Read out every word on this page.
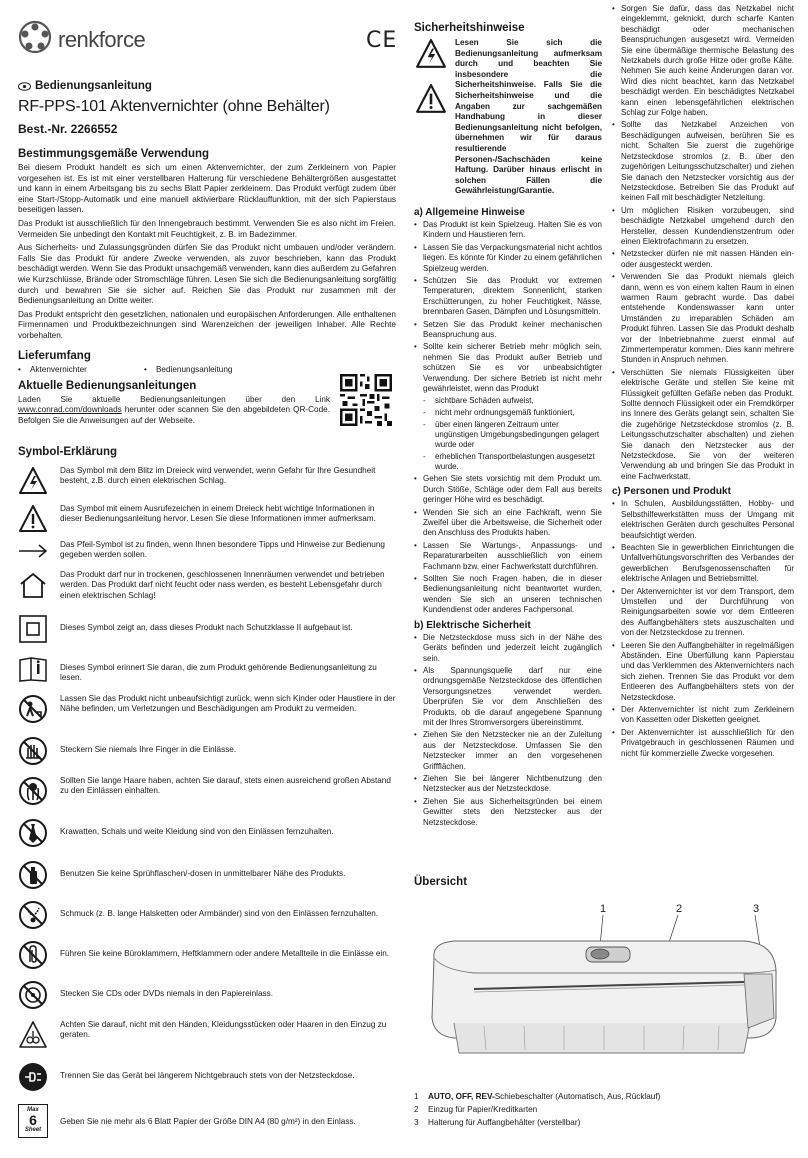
renkforce	CE
Bedienungsanleitung
RF-PPS-101 Aktenvernichter (ohne Behälter)
Best.-Nr. 2266552
Bestimmungsgemäße Verwendung

Bei diesem Produkt handelt es sich um einen Aktenvernichter, der zum Zerkleinern von Papier vorgesehen ist. Es ist mit einer verstellbaren Halterung für verschiedene Behältergrößen ausgestattet und kann in einem Arbeitsgang bis zu sechs Blatt Papier zerkleinern. Das Produkt verfügt zudem über eine Start-/Stopp-Automatik und eine manuell aktivierbare Rücklauffunktion, mit der sich Papierstaus beseitigen lassen.

Das Produkt ist ausschließlich für den Innengebrauch bestimmt. Verwenden Sie es also nicht im Freien. Vermeiden Sie unbedingt den Kontakt mit Feuchtigkeit, z. B. im Badezimmer.

Aus Sicherheits- und Zulassungsgründen dürfen Sie das Produkt nicht umbauen und/oder verändern. Falls Sie das Produkt für andere Zwecke verwenden, als zuvor beschrieben, kann das Produkt beschädigt werden. Wenn Sie das Produkt unsachgemäß verwenden, kann dies außerdem zu Gefahren wie Kurzschlüsse, Brände oder Stromschläge führen. Lesen Sie sich die Bedienungsanleitung sorgfältig durch und bewahren Sie sie sicher auf. Reichen Sie das Produkt nur zusammen mit der Bedienungsanleitung an Dritte weiter.

Das Produkt entspricht den gesetzlichen, nationalen und europäischen Anforderungen. Alle enthaltenen Firmennamen und Produktbezeichnungen sind Warenzeichen der jeweiligen Inhaber. Alle Rechte vorbehalten.

Lieferumfang
•    Aktenvernichter	•    Bedienungsanleitung
Aktuelle Bedienungsanleitungen

Laden Sie aktuelle Bedienungsanleitungen über den Link www.conrad.com/downloads herunter oder scannen Sie den abgebildeten QR-Code. Befolgen Sie die Anweisungen auf der Webseite.

Symbol-Erklärung
Das Symbol mit dem Blitz im Dreieck wird verwendet, wenn Gefahr für Ihre Gesundheit besteht, z.B. durch einen elektrischen Schlag.
Das Symbol mit einem Ausrufezeichen in einem Dreieck hebt wichtige Informationen in dieser Bedienungsanleitung hervor. Lesen Sie diese Informationen immer aufmerksam.
Das Pfeil-Symbol ist zu finden, wenn Ihnen besondere Tipps und Hinweise zur Bedienung gegeben werden sollen.
Das Produkt darf nur in trockenen, geschlossenen Innenräumen verwendet und betrieben werden. Das Produkt darf nicht feucht oder nass werden, es besteht Lebensgefahr durch einen elektrischen Schlag!
Dieses Symbol zeigt an, dass dieses Produkt nach Schutzklasse II aufgebaut ist.
Dieses Symbol erinnert Sie daran, die zum Produkt gehörende Bedienungsanleitung zu lesen.
Lassen Sie das Produkt nicht unbeaufsichtigt zurück, wenn sich Kinder oder Haustiere in der Nähe befinden, um Verletzungen und Beschädigungen am Produkt zu vermeiden.
Steckern Sie niemals Ihre Finger in die Einlässe.
Sollten Sie lange Haare haben, achten Sie darauf, stets einen ausreichend großen Abstand zu den Einlässen einhalten.
Krawatten, Schals und weite Kleidung sind von den Einlässen fernzuhalten.
Benutzen Sie keine Sprühflaschen/-dosen in unmittelbarer Nähe des Produkts.
Schmuck (z. B. lange Halsketten oder Armbänder) sind von den Einlässen fernzuhalten.
Führen Sie keine Büroklammern, Heftklammern oder andere Metallteile in die Einlässe ein.
Stecken Sie CDs oder DVDs niemals in den Papiereinlass.
Achten Sie darauf, nicht mit den Händen, Kleidungsstücken oder Haaren in den Einzug zu geraten.
Trennen Sie das Gerät bei längerem Nichtgebrauch stets von der Netzsteckdose.
Max
6
Sheet
Geben Sie nie mehr als 6 Blatt Papier der Größe DIN A4 (80 g/m²) in den Einlass.
Sicherheitshinweise

Lesen Sie sich die Bedienungsanleitung aufmerksam durch und beachten Sie insbesondere die Sicherheitshinweise. Falls Sie die Sicherheitshinweise und die Angaben zur sachgemäßen Handhabung in dieser Bedienungsanleitung nicht befolgen, übernehmen wir für daraus resultierende Personen-/Sachschäden keine Haftung. Darüber hinaus erlischt in solchen Fällen die Gewährleistung/Garantie.

a) Allgemeine Hinweise
• Das Produkt ist kein Spielzeug. Halten Sie es von Kindern und Haustieren fern.
• Lassen Sie das Verpackungsmaterial nicht achtlos liegen. Es könnte für Kinder zu einem gefährlichen Spielzeug werden.
• Schützen Sie das Produkt vor extremen Temperaturen, direktem Sonnenlicht, starken Erschütterungen, zu hoher Feuchtigkeit, Nässe, brennbaren Gasen, Dämpfen und Lösungsmitteln.
• Setzen Sie das Produkt keiner mechanischen Beanspruchung aus.
• Sollte kein sicherer Betrieb mehr möglich sein, nehmen Sie das Produkt außer Betrieb und schützen Sie es vor unbeabsichtigter Verwendung. Der sichere Betrieb ist nicht mehr gewährleistet, wenn das Produkt
- sichtbare Schäden aufweist,
- nicht mehr ordnungsgemäß funktioniert,
- über einen längeren Zeitraum unter ungünstigen Umgebungsbedingungen gelagert wurde oder
- erheblichen Transportbelastungen ausgesetzt wurde.
• Gehen Sie stets vorsichtig mit dem Produkt um. Durch Stöße, Schläge oder dem Fall aus bereits geringer Höhe wird es beschädigt.
• Wenden Sie sich an eine Fachkraft, wenn Sie Zweifel über die Arbeitsweise, die Sicherheit oder den Anschluss des Produkts haben.
• Lassen Sie Wartungs-, Anpassungs- und Reparaturarbeiten ausschließlich von einem Fachmann bzw. einer Fachwerkstatt durchführen.
• Sollten Sie noch Fragen haben, die in dieser Bedienungsanleitung nicht beantwortet wurden, wenden Sie sich an unseren technischen Kundendienst oder anderes Fachpersonal.
b) Elektrische Sicherheit
• Die Netzsteckdose muss sich in der Nähe des Geräts befinden und jederzeit leicht zugänglich sein.
• Als Spannungsquelle darf nur eine ordnungsgemäße Netzsteckdose des öffentlichen Versorgungsnetzes verwendet werden. Überprüfen Sie vor dem Anschließen des Produkts, ob die darauf angegebene Spannung mit der Ihres Stromversorgers übereinstimmt.
• Ziehen Sie den Netzstecker nie an der Zuleitung aus der Netzsteckdose. Umfassen Sie den Netzstecker immer an den vorgesehenen Griffflächen.
• Ziehen Sie bei längerer Nichtbenutzung den Netzstecker aus der Netzsteckdose.
• Ziehen Sie aus Sicherheitsgründen bei einem Gewitter stets den Netzstecker aus der Netzsteckdose.
• Sorgen Sie dafür, dass das Netzkabel nicht eingeklemmt, geknickt, durch scharfe Kanten beschädigt oder mechanischen Beanspruchungen ausgesetzt wird. Vermeiden Sie eine übermäßige thermische Belastung des Netzkabels durch große Hitze oder große Kälte. Nehmen Sie auch keine Änderungen daran vor. Wird dies nicht beachtet, kann das Netzkabel beschädigt werden. Ein beschädigtes Netzkabel kann einen lebensgefährlichen elektrischen Schlag zur Folge haben.
• Sollte das Netzkabel Anzeichen von Beschädigungen aufweisen, berühren Sie es nicht. Schalten Sie zuerst die zugehörige Netzsteckdose stromlos (z. B. über den zugehörigen Leitungsschutzschalter) und ziehen Sie danach den Netzstecker vorsichtig aus der Netzsteckdose. Betreiben Sie das Produkt auf keinen Fall mit beschädigter Netzleitung.
• Um möglichen Risiken vorzubeugen, sind beschädigte Netzkabel umgehend durch den Hersteller, dessen Kundendienstzentrum oder einen Elektrofachmann zu ersetzen.
• Netzstecker dürfen nie mit nassen Händen ein- oder ausgesteckt werden.
• Verwenden Sie das Produkt niemals gleich dann, wenn es von einem kalten Raum in einen warmen Raum gebracht wurde. Das dabei entstehende Kondenswasser kann unter Umständen zu irreparablen Schäden am Produkt führen. Lassen Sie das Produkt deshalb vor der Inbetriebnahme zuerst einmal auf Zimmertemperatur kommen. Dies kann mehrere Stunden in Anspruch nehmen.
• Verschütten Sie niemals Flüssigkeiten über elektrische Geräte und stellen Sie keine mit Flüssigkeit gefüllten Gefäße neben das Produkt. Sollte dennoch Flüssigkeit oder ein Fremdkörper ins Innere des Geräts gelangt sein, schalten Sie die zugehörige Netzsteckdose stromlos (z. B. Leitungsschutzschalter abschalten) und ziehen Sie danach den Netzstecker aus der Netzsteckdose. Sie von der weiteren Verwendung ab und bringen Sie das Produkt in eine Fachwerkstatt.
c) Personen und Produkt
• In Schulen, Ausbildungsstätten, Hobby- und Selbsthilfewerkstätten muss der Umgang mit elektrischen Geräten durch geschultes Personal beaufsichtigt werden.
• Beachten Sie in gewerblichen Einrichtungen die Unfallverhütungsvorschriften des Verbandes der gewerblichen Berufsgenossenschaften für elektrische Anlagen und Betriebsmittel.
• Der Aktenvernichter ist vor dem Transport, dem Umstellen und der Durchführung von Reinigungsarbeiten sowie vor dem Entleeren des Auffangbehälters stets auszuschalten und von der Netzsteckdose zu trennen.
• Leeren Sie den Auffangbehälter in regelmäßigen Abständen. Eine Überfüllung kann Papierstau und das Verklemmen des Aktenvernichters nach sich ziehen. Trennen Sie das Produkt vor dem Entleeren des Auffangbehälters stets von der Netzsteckdose.
• Der Aktenvernichter ist nicht zum Zerkleinern von Kassetten oder Disketten geeignet.
• Der Aktenvernichter ist ausschließlich für den Privatgebrauch in geschlossenen Räumen und nicht für kommerzielle Zwecke vorgesehen.
Übersicht
1	2	3
1 AUTO, OFF, REV-Schiebeschalter (Automatisch, Aus, Rücklauf)
2 Einzug für Papier/Kreditkarten
3 Halterung für Auffangbehälter (verstellbar)
